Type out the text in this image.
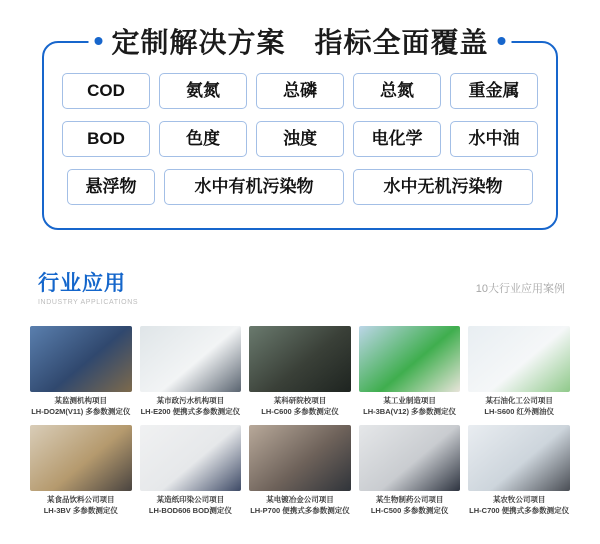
定制解决方案　指标全面覆盖
COD	氨氮	总磷	总氮	重金属
BOD	色度	浊度	电化学	水中油
悬浮物	水中有机污染物	水中无机污染物
行业应用
INDUSTRY APPLICATIONS
10大行业应用案例
某监测机构项目
LH-DO2M(V11) 多参数测定仪
某市政污水机构项目
LH-E200 便携式多参数测定仪
某科研院校项目
LH-C600 多参数测定仪
某工业制造项目
LH-3BA(V12) 多参数测定仪
某石油化工公司项目
LH-S600 红外测油仪
某食品饮料公司项目
LH-3BV 多参数测定仪
某造纸印染公司项目
LH-BOD606 BOD测定仪
某电镀冶金公司项目
LH-P700 便携式多参数测定仪
某生物制药公司项目
LH-C500 多参数测定仪
某农牧公司项目
LH-C700 便携式多参数测定仪
